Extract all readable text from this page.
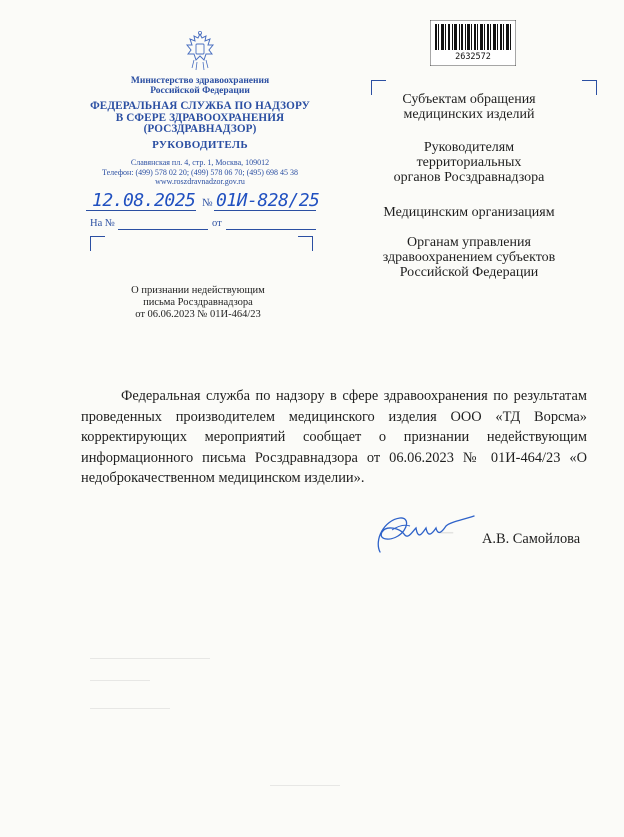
Министерство здравоохранения
Российской Федерации
ФЕДЕРАЛЬНАЯ СЛУЖБА ПО НАДЗОРУ
В СФЕРЕ ЗДРАВООХРАНЕНИЯ
(РОСЗДРАВНАДЗОР)
РУКОВОДИТЕЛЬ
Славянская пл. 4, стр. 1, Москва, 109012
Телефон: (499) 578 02 20; (499) 578 06 70; (495) 698 45 38
www.roszdravnadzor.gov.ru
12.08.2025 № 01И-828/25
На №	от
О признании недействующим
письма Росздравнадзора
от 06.06.2023 № 01И-464/23
Субъектам обращения
медицинских изделий
Руководителям
территориальных
органов Росздравнадзора
Медицинским организациям
Органам управления
здравоохранением субъектов
Российской Федерации
Федеральная служба по надзору в сфере здравоохранения по результатам проведенных производителем медицинского изделия ООО «ТД Ворсма» корректирующих мероприятий сообщает о признании недействующим информационного письма Росздравнадзора от 06.06.2023 № 01И-464/23 «О недоброкачественном медицинском изделии».
А.В. Самойлова
2632572
—
